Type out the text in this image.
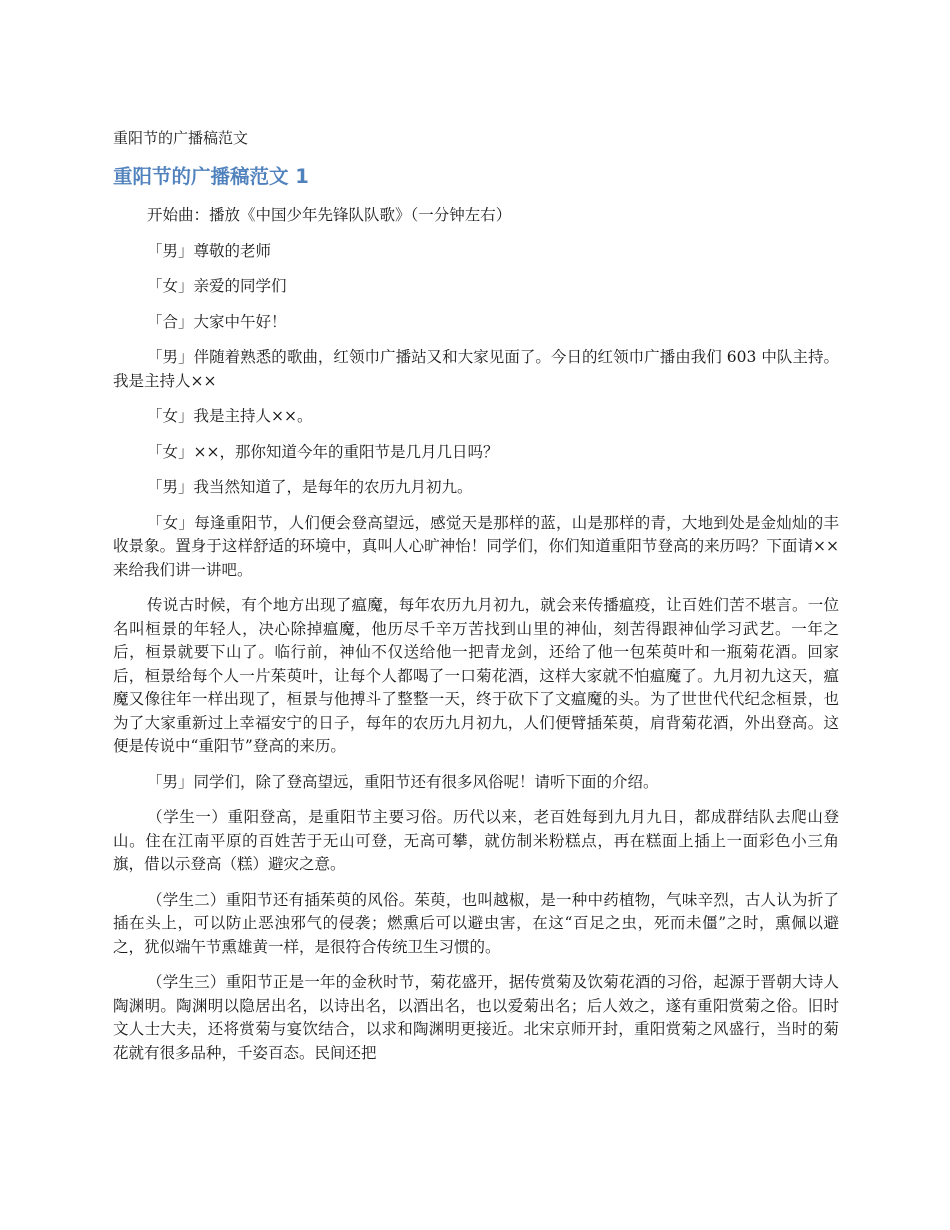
重阳节的广播稿范文
重阳节的广播稿范文 1

开始曲：播放《中国少年先锋队队歌》（一分钟左右）

「男」尊敬的老师

「女」亲爱的同学们

「合」大家中午好！

「男」伴随着熟悉的歌曲，红领巾广播站又和大家见面了。今日的红领巾广播由我们 603 中队主持。我是主持人××

「女」我是主持人××。

「女」××，那你知道今年的重阳节是几月几日吗？

「男」我当然知道了，是每年的农历九月初九。

「女」每逢重阳节，人们便会登高望远，感觉天是那样的蓝，山是那样的青，大地到处是金灿灿的丰收景象。置身于这样舒适的环境中，真叫人心旷神怡！同学们，你们知道重阳节登高的来历吗？下面请××来给我们讲一讲吧。

传说古时候，有个地方出现了瘟魔，每年农历九月初九，就会来传播瘟疫，让百姓们苦不堪言。一位名叫桓景的年轻人，决心除掉瘟魔，他历尽千辛万苦找到山里的神仙，刻苦得跟神仙学习武艺。一年之后，桓景就要下山了。临行前，神仙不仅送给他一把青龙剑，还给了他一包茱萸叶和一瓶菊花酒。回家后，桓景给每个人一片茱萸叶，让每个人都喝了一口菊花酒，这样大家就不怕瘟魔了。九月初九这天，瘟魔又像往年一样出现了，桓景与他搏斗了整整一天，终于砍下了文瘟魔的头。为了世世代代纪念桓景，也为了大家重新过上幸福安宁的日子，每年的农历九月初九，人们便臂插茱萸，肩背菊花酒，外出登高。这便是传说中“重阳节”登高的来历。

「男」同学们，除了登高望远，重阳节还有很多风俗呢！请听下面的介绍。

（学生一）重阳登高，是重阳节主要习俗。历代以来，老百姓每到九月九日，都成群结队去爬山登山。住在江南平原的百姓苦于无山可登，无高可攀，就仿制米粉糕点，再在糕面上插上一面彩色小三角旗，借以示登高（糕）避灾之意。

（学生二）重阳节还有插茱萸的风俗。茱萸，也叫越椒，是一种中药植物，气味辛烈，古人认为折了插在头上，可以防止恶浊邪气的侵袭；燃熏后可以避虫害，在这“百足之虫，死而未僵”之时，熏佩以避之，犹似端午节熏雄黄一样，是很符合传统卫生习惯的。

（学生三）重阳节正是一年的金秋时节，菊花盛开，据传赏菊及饮菊花酒的习俗，起源于晋朝大诗人陶渊明。陶渊明以隐居出名，以诗出名，以酒出名，也以爱菊出名；后人效之，遂有重阳赏菊之俗。旧时文人士大夫，还将赏菊与宴饮结合，以求和陶渊明更接近。北宋京师开封，重阳赏菊之风盛行，当时的菊花就有很多品种，千姿百态。民间还把
